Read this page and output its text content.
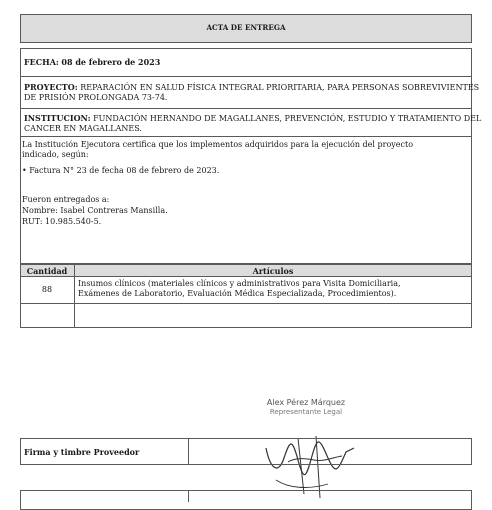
ACTA DE ENTREGA
FECHA: 08 de febrero de 2023
PROYECTO: REPARACIÓN EN SALUD FÍSICA INTEGRAL PRIORITARIA, PARA PERSONAS SOBREVIVIENTES
DE PRISIÓN PROLONGADA 73-74.
INSTITUCION: FUNDACIÓN HERNANDO DE MAGALLANES, PREVENCIÓN, ESTUDIO Y TRATAMIENTO DEL
CANCER EN MAGALLANES.
La Institución Ejecutora certifica que los implementos adquiridos para la ejecución del proyecto
indicado, según:
• Factura N° 23 de fecha 08 de febrero de 2023.
Fueron entregados a:
Nombre: Isabel Contreras Mansilla.
RUT: 10.985.540-5.
Cantidad	Artículos
88
Insumos clínicos (materiales clínicos y administrativos para Visita Domiciliaria,
Exámenes de Laboratorio, Evaluación Médica Especializada, Procedimientos).
Alex Pérez Márquez
Representante Legal
Firma y timbre Proveedor
